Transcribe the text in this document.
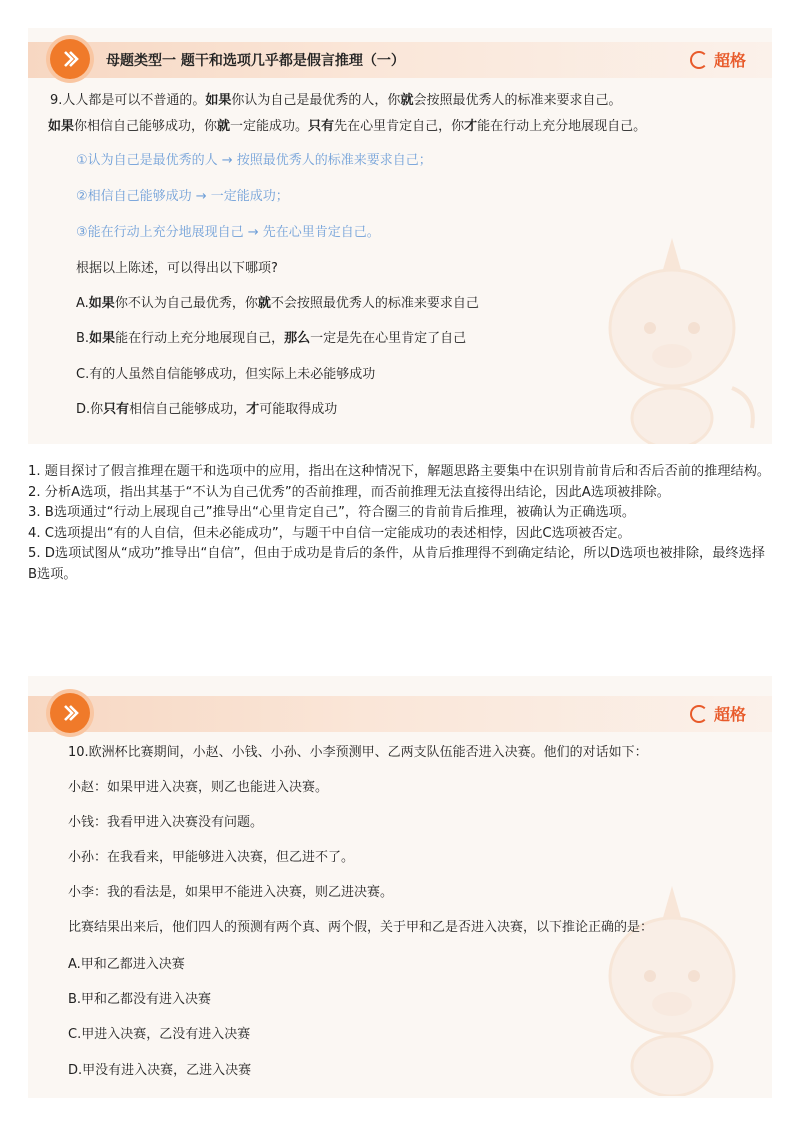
母题类型一 题干和选项几乎都是假言推理（一）	超格
9.人人都是可以不普通的。如果你认为自己是最优秀的人，你就会按照最优秀人的标准来要求自己。
如果你相信自己能够成功，你就一定能成功。只有先在心里肯定自己，你才能在行动上充分地展现自己。
①认为自己是最优秀的人 → 按照最优秀人的标准来要求自己；
②相信自己能够成功 → 一定能成功；
③能在行动上充分地展现自己 → 先在心里肯定自己。
根据以上陈述，可以得出以下哪项?
A.如果你不认为自己最优秀，你就不会按照最优秀人的标准来要求自己
B.如果能在行动上充分地展现自己，那么一定是先在心里肯定了自己
C.有的人虽然自信能够成功，但实际上未必能够成功
D.你只有相信自己能够成功，才可能取得成功

1. 题目探讨了假言推理在题干和选项中的应用，指出在这种情况下，解题思路主要集中在识别肯前肯后和否后否前的推理结构。

2. 分析A选项，指出其基于“不认为自己优秀”的否前推理，而否前推理无法直接得出结论，因此A选项被排除。

3. B选项通过“行动上展现自己”推导出“心里肯定自己”，符合圈三的肯前肯后推理，被确认为正确选项。

4. C选项提出“有的人自信，但未必能成功”，与题干中自信一定能成功的表述相悖，因此C选项被否定。

5. D选项试图从“成功”推导出“自信”，但由于成功是肯后的条件，从肯后推理得不到确定结论，所以D选项也被排除，最终选择B选项。

超格
10.欧洲杯比赛期间，小赵、小钱、小孙、小李预测甲、乙两支队伍能否进入决赛。他们的对话如下：
小赵：如果甲进入决赛，则乙也能进入决赛。
小钱：我看甲进入决赛没有问题。
小孙：在我看来，甲能够进入决赛，但乙进不了。
小李：我的看法是，如果甲不能进入决赛，则乙进决赛。
比赛结果出来后，他们四人的预测有两个真、两个假，关于甲和乙是否进入决赛，以下推论正确的是：
A.甲和乙都进入决赛
B.甲和乙都没有进入决赛
C.甲进入决赛，乙没有进入决赛
D.甲没有进入决赛，乙进入决赛
